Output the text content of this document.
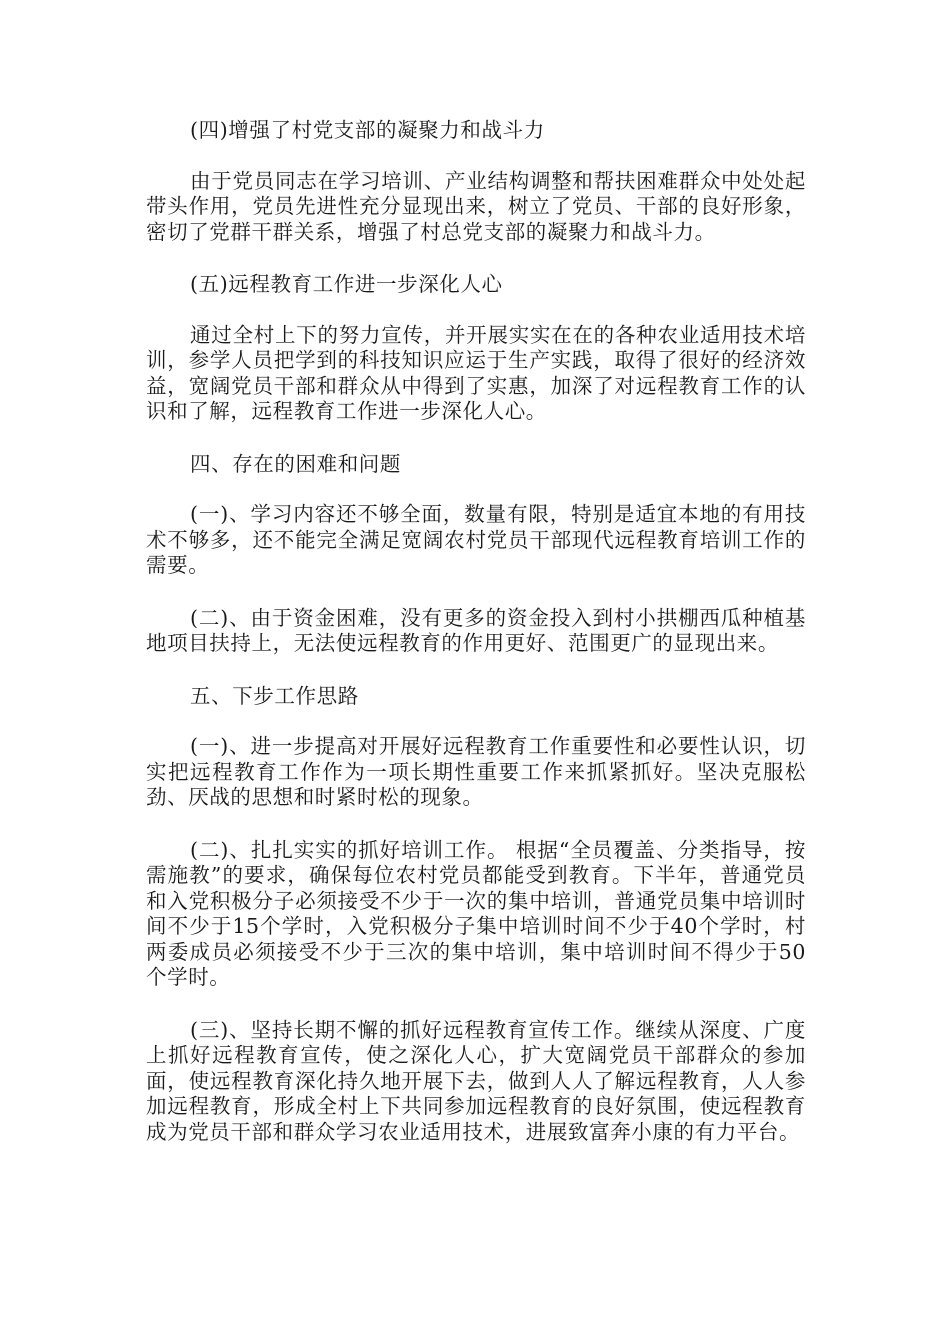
(四)增强了村党支部的凝聚力和战斗力

由于党员同志在学习培训、产业结构调整和帮扶困难群众中处处起带头作用，党员先进性充分显现出来，树立了党员、干部的良好形象，密切了党群干群关系，增强了村总党支部的凝聚力和战斗力。

(五)远程教育工作进一步深化人心

通过全村上下的努力宣传，并开展实实在在的各种农业适用技术培训，参学人员把学到的科技知识应运于生产实践，取得了很好的经济效益，宽阔党员干部和群众从中得到了实惠，加深了对远程教育工作的认识和了解，远程教育工作进一步深化人心。

四、存在的困难和问题

(一)、学习内容还不够全面，数量有限，特别是适宜本地的有用技术不够多，还不能完全满足宽阔农村党员干部现代远程教育培训工作的需要。

(二)、由于资金困难，没有更多的资金投入到村小拱棚西瓜种植基地项目扶持上，无法使远程教育的作用更好、范围更广的显现出来。

五、下步工作思路

(一)、进一步提高对开展好远程教育工作重要性和必要性认识，切实把远程教育工作作为一项长期性重要工作来抓紧抓好。坚决克服松劲、厌战的思想和时紧时松的现象。

(二)、扎扎实实的抓好培训工作。 根据“全员覆盖、分类指导，按需施教”的要求，确保每位农村党员都能受到教育。下半年，普通党员和入党积极分子必须接受不少于一次的集中培训，普通党员集中培训时间不少于15个学时，入党积极分子集中培训时间不少于40个学时，村两委成员必须接受不少于三次的集中培训，集中培训时间不得少于50个学时。

(三)、坚持长期不懈的抓好远程教育宣传工作。继续从深度、广度上抓好远程教育宣传，使之深化人心，扩大宽阔党员干部群众的参加面，使远程教育深化持久地开展下去，做到人人了解远程教育，人人参加远程教育，形成全村上下共同参加远程教育的良好氛围，使远程教育成为党员干部和群众学习农业适用技术，进展致富奔小康的有力平台。
